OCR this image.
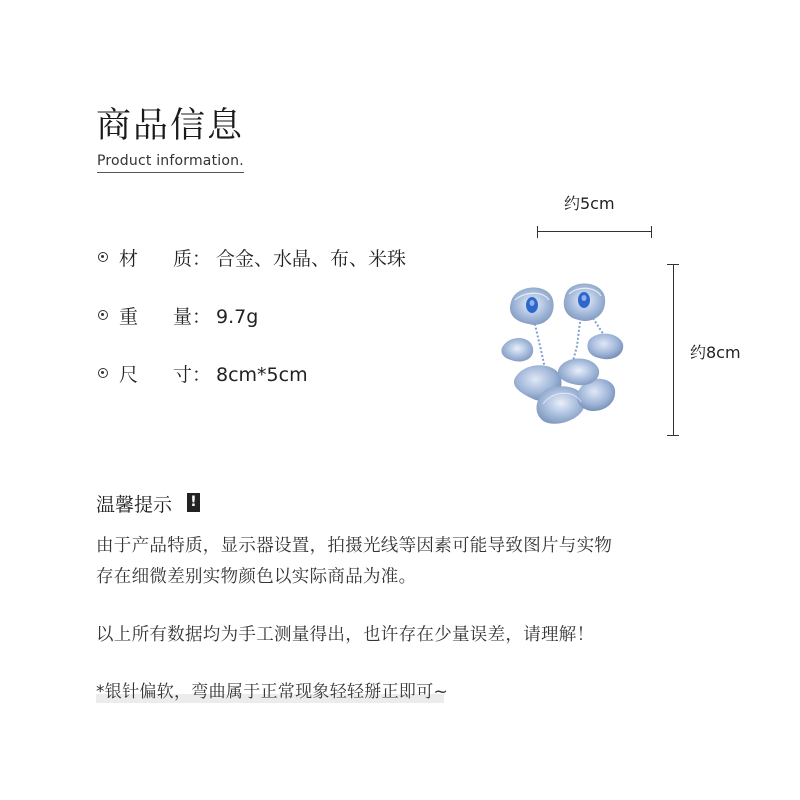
商品信息
Product information.
材 质： 合金、水晶、布、米珠
重 量： 9.7g
尺 寸： 8cm*5cm
约5cm
约8cm
温馨提示 !
由于产品特质，显示器设置，拍摄光线等因素可能导致图片与实物
存在细微差别实物颜色以实际商品为准。
以上所有数据均为手工测量得出，也许存在少量误差，请理解！
*银针偏软，弯曲属于正常现象轻轻掰正即可~
